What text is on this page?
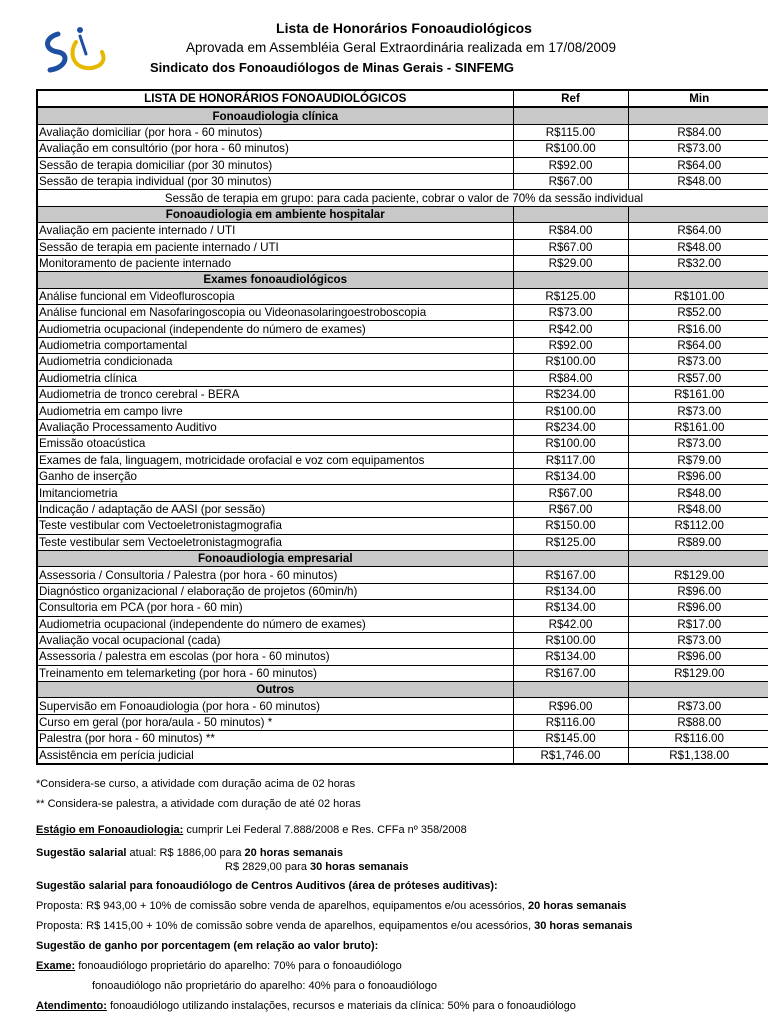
Lista de Honorários Fonoaudiológicos
Aprovada em Assembléia Geral Extraordinária realizada em 17/08/2009
Sindicato dos Fonoaudiólogos de Minas Gerais - SINFEMG
LISTA DE HONORÁRIOS FONOAUDIOLÓGICOS	Ref	Min
Fonoaudiologia clínica		
Avaliação domiciliar (por hora - 60 minutos)	R$115.00	R$84.00
Avaliação em consultório (por hora - 60 minutos)	R$100.00	R$73.00
Sessão de terapia domiciliar (por 30 minutos)	R$92.00	R$64.00
Sessão de terapia individual (por 30 minutos)	R$67.00	R$48.00
Sessão de terapia em grupo: para cada paciente, cobrar o valor de 70% da sessão individual		
Fonoaudiologia em ambiente hospitalar		
Avaliação em paciente internado / UTI	R$84.00	R$64.00
Sessão de terapia em paciente internado / UTI	R$67.00	R$48.00
Monitoramento de paciente internado	R$29.00	R$32.00
Exames fonoaudiológicos		
Análise funcional em Videofluroscopia	R$125.00	R$101.00
Análise funcional em Nasofaringoscopia ou Videonasolaringoestroboscopia	R$73.00	R$52.00
Audiometria ocupacional (independente do número de exames)	R$42.00	R$16.00
Audiometria comportamental	R$92.00	R$64.00
Audiometria condicionada	R$100.00	R$73.00
Audiometria clínica	R$84.00	R$57.00
Audiometria de tronco cerebral - BERA	R$234.00	R$161.00
Audiometria em campo livre	R$100.00	R$73.00
Avaliação Processamento Auditivo	R$234.00	R$161.00
Emissão otoacústica	R$100.00	R$73.00
Exames de fala, linguagem, motricidade orofacial e voz com equipamentos	R$117.00	R$79.00
Ganho de inserção	R$134.00	R$96.00
Imitanciometria	R$67.00	R$48.00
Indicação / adaptação de AASI (por sessão)	R$67.00	R$48.00
Teste vestibular com Vectoeletronistagmografia	R$150.00	R$112.00
Teste vestibular sem Vectoeletronistagmografia	R$125.00	R$89.00
Fonoaudiologia empresarial		
Assessoria / Consultoria / Palestra (por hora - 60 minutos)	R$167.00	R$129.00
Diagnóstico organizacional / elaboração de projetos (60min/h)	R$134.00	R$96.00
Consultoria em PCA (por hora - 60 min)	R$134.00	R$96.00
Audiometria ocupacional (independente do número de exames)	R$42.00	R$17.00
Avaliação vocal ocupacional (cada)	R$100.00	R$73.00
Assessoria / palestra em escolas (por hora - 60 minutos)	R$134.00	R$96.00
Treinamento em telemarketing (por hora - 60 minutos)	R$167.00	R$129.00
Outros		
Supervisão em Fonoaudiologia (por hora - 60 minutos)	R$96.00	R$73.00
Curso em geral (por hora/aula - 50 minutos) *	R$116.00	R$88.00
Palestra (por hora - 60 minutos) **	R$145.00	R$116.00
Assistência em perícia judicial	R$1,746.00	R$1,138.00

*Considera-se curso, a atividade com duração acima de 02 horas

** Considera-se palestra, a atividade com duração de até 02 horas

Estágio em Fonoaudiologia: cumprir Lei Federal 7.888/2008 e Res. CFFa nº 358/2008

Sugestão salarial atual: R$ 1886,00 para 20 horas semanais

R$ 2829,00 para 30 horas semanais

Sugestão salarial para fonoaudiólogo de Centros Auditivos (área de próteses auditivas):

Proposta: R$ 943,00 + 10% de comissão sobre venda de aparelhos, equipamentos e/ou acessórios, 20 horas semanais

Proposta: R$ 1415,00 + 10% de comissão sobre venda de aparelhos, equipamentos e/ou acessórios, 30 horas semanais

Sugestão de ganho por porcentagem (em relação ao valor bruto):

Exame: fonoaudiólogo proprietário do aparelho: 70% para o fonoaudiólogo

fonoaudiólogo não proprietário do aparelho: 40% para o fonoaudiólogo

Atendimento: fonoaudiólogo utilizando instalações, recursos e materiais da clínica: 50% para o fonoaudiólogo
